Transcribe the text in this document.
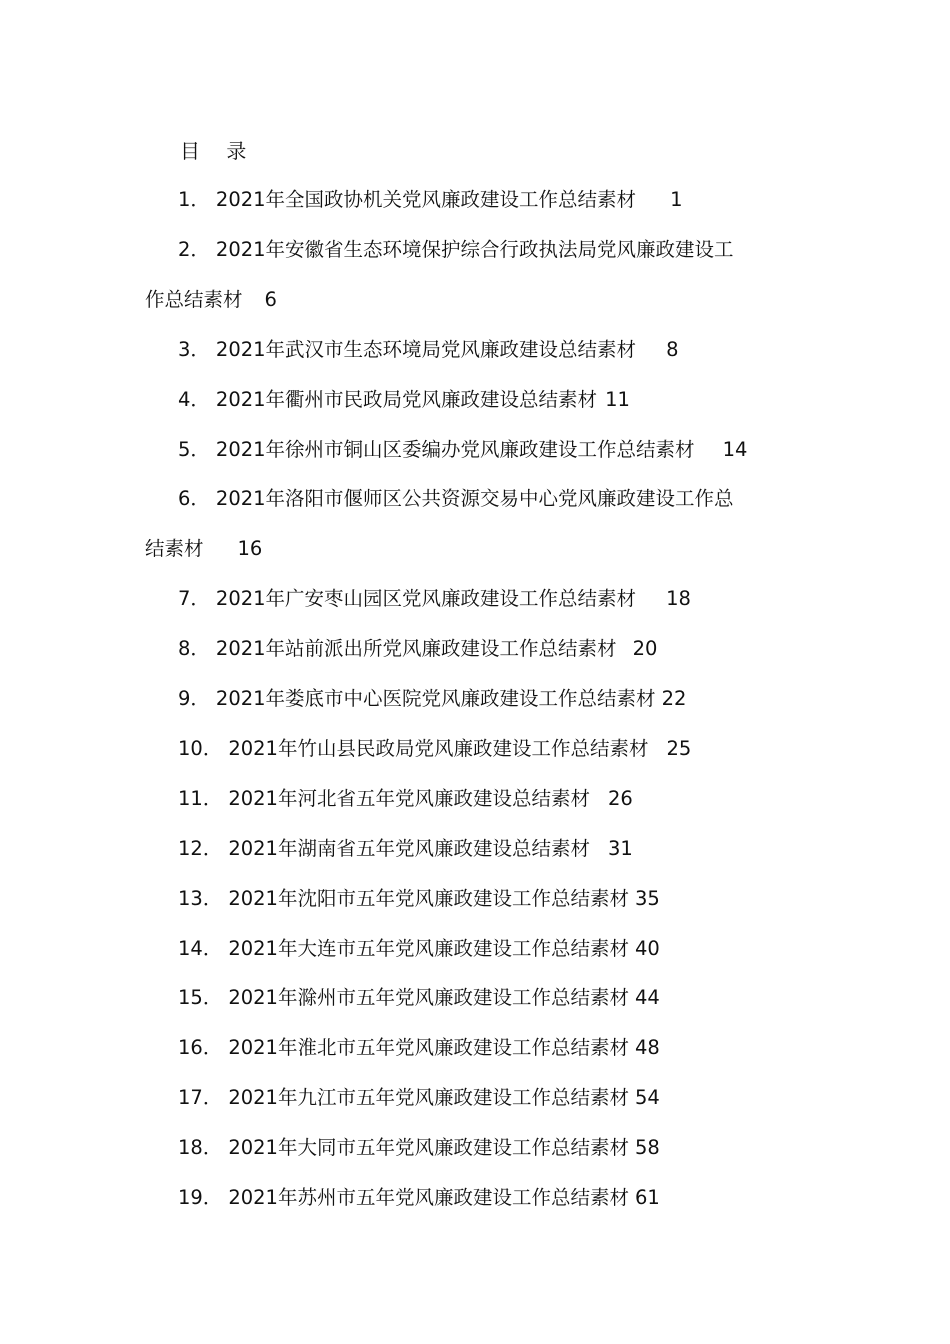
目 录
1． 2021年全国政协机关党风廉政建设工作总结素材 1
2． 2021年安徽省生态环境保护综合行政执法局党风廉政建设工
作总结素材 6
3． 2021年武汉市生态环境局党风廉政建设总结素材 8
4． 2021年衢州市民政局党风廉政建设总结素材 11
5． 2021年徐州市铜山区委编办党风廉政建设工作总结素材 14
6． 2021年洛阳市偃师区公共资源交易中心党风廉政建设工作总
结素材 16
7． 2021年广安枣山园区党风廉政建设工作总结素材 18
8． 2021年站前派出所党风廉政建设工作总结素材 20
9． 2021年娄底市中心医院党风廉政建设工作总结素材 22
10． 2021年竹山县民政局党风廉政建设工作总结素材 25
11． 2021年河北省五年党风廉政建设总结素材 26
12． 2021年湖南省五年党风廉政建设总结素材 31
13． 2021年沈阳市五年党风廉政建设工作总结素材 35
14． 2021年大连市五年党风廉政建设工作总结素材 40
15． 2021年滁州市五年党风廉政建设工作总结素材 44
16． 2021年淮北市五年党风廉政建设工作总结素材 48
17． 2021年九江市五年党风廉政建设工作总结素材 54
18． 2021年大同市五年党风廉政建设工作总结素材 58
19． 2021年苏州市五年党风廉政建设工作总结素材 61
